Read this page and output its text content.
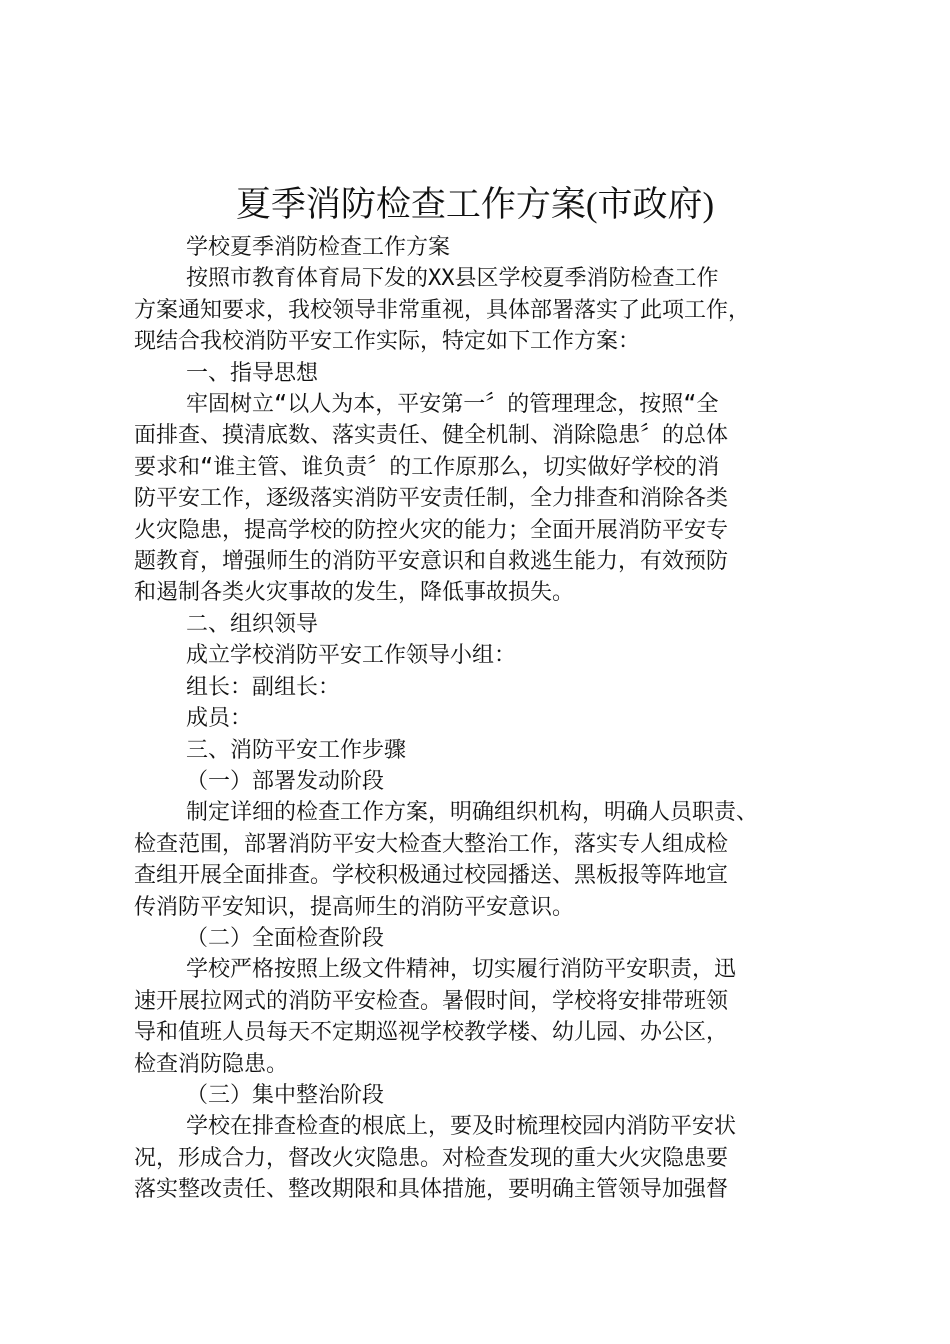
夏季消防检查工作方案(市政府)

学校夏季消防检查工作方案

按照市教育体育局下发的XX县区学校夏季消防检查工作

方案通知要求，我校领导非常重视，具体部署落实了此项工作，

现结合我校消防平安工作实际，特定如下工作方案：

一、指导思想

牢固树立“以人为本，平安第一〞的管理理念，按照“全

面排查、摸清底数、落实责任、健全机制、消除隐患〞的总体

要求和“谁主管、谁负责〞的工作原那么，切实做好学校的消

防平安工作，逐级落实消防平安责任制，全力排查和消除各类

火灾隐患，提高学校的防控火灾的能力；全面开展消防平安专

题教育，增强师生的消防平安意识和自救逃生能力，有效预防

和遏制各类火灾事故的发生，降低事故损失。

二、组织领导

成立学校消防平安工作领导小组：

组长：副组长：

成员：

三、消防平安工作步骤

（一）部署发动阶段

制定详细的检查工作方案，明确组织机构，明确人员职责、

检查范围，部署消防平安大检查大整治工作，落实专人组成检

查组开展全面排查。学校积极通过校园播送、黑板报等阵地宣

传消防平安知识，提高师生的消防平安意识。

（二）全面检查阶段

学校严格按照上级文件精神，切实履行消防平安职责，迅

速开展拉网式的消防平安检查。暑假时间，学校将安排带班领

导和值班人员每天不定期巡视学校教学楼、幼儿园、办公区，

检查消防隐患。

（三）集中整治阶段

学校在排查检查的根底上，要及时梳理校园内消防平安状

况，形成合力，督改火灾隐患。对检查发现的重大火灾隐患要

落实整改责任、整改期限和具体措施，要明确主管领导加强督
